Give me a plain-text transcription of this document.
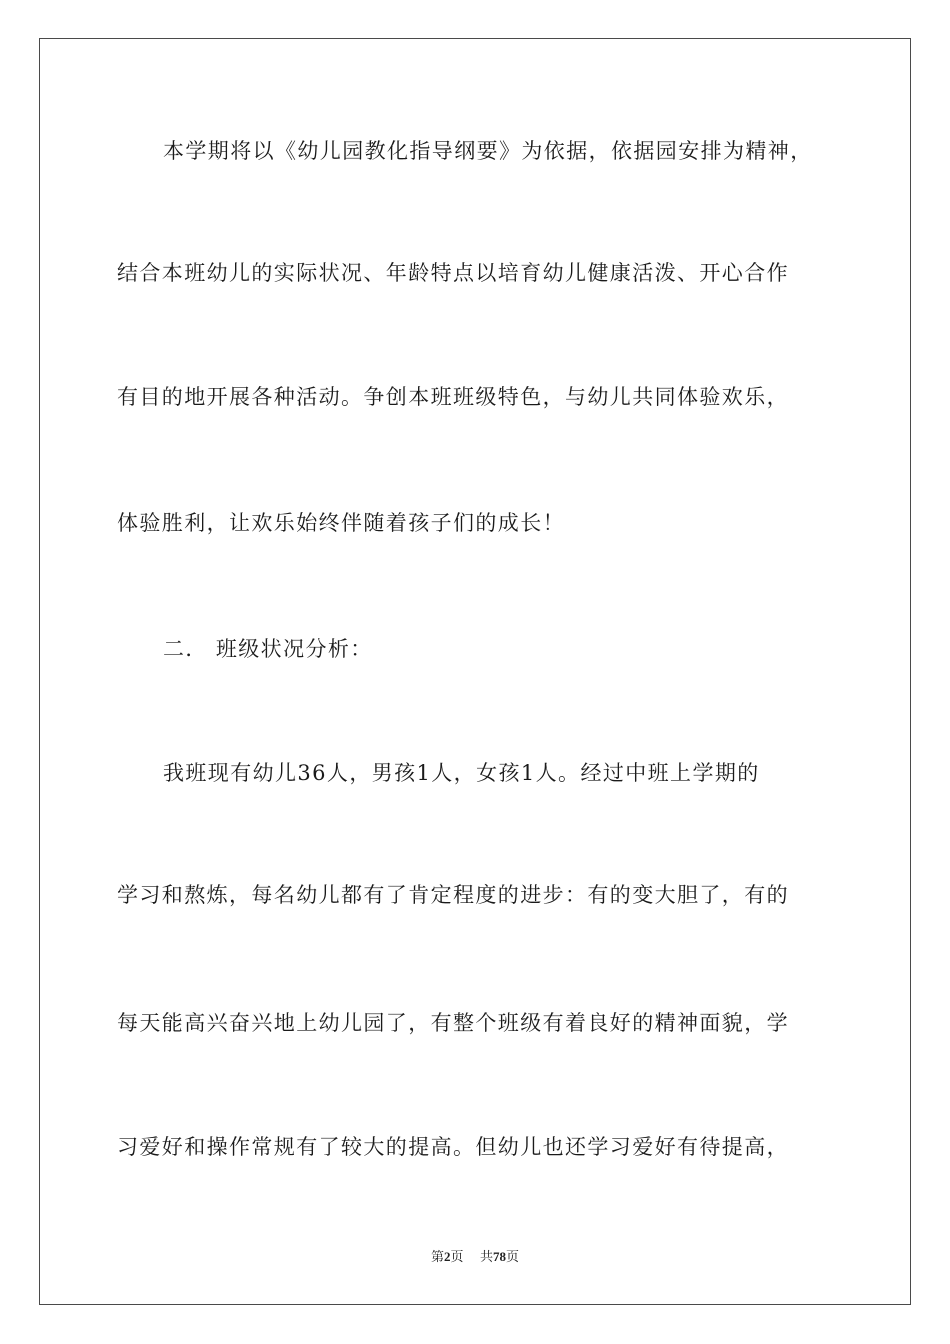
本学期将以《幼儿园教化指导纲要》为依据，依据园安排为精神，
结合本班幼儿的实际状况、年龄特点以培育幼儿健康活泼、开心合作
有目的地开展各种活动。争创本班班级特色，与幼儿共同体验欢乐，
体验胜利，让欢乐始终伴随着孩子们的成长！
二． 班级状况分析：
我班现有幼儿36人，男孩1人，女孩1人。经过中班上学期的
学习和熬炼，每名幼儿都有了肯定程度的进步：有的变大胆了，有的
每天能高兴奋兴地上幼儿园了，有整个班级有着良好的精神面貌，学
习爱好和操作常规有了较大的提高。但幼儿也还学习爱好有待提高，
第2页 共78页
